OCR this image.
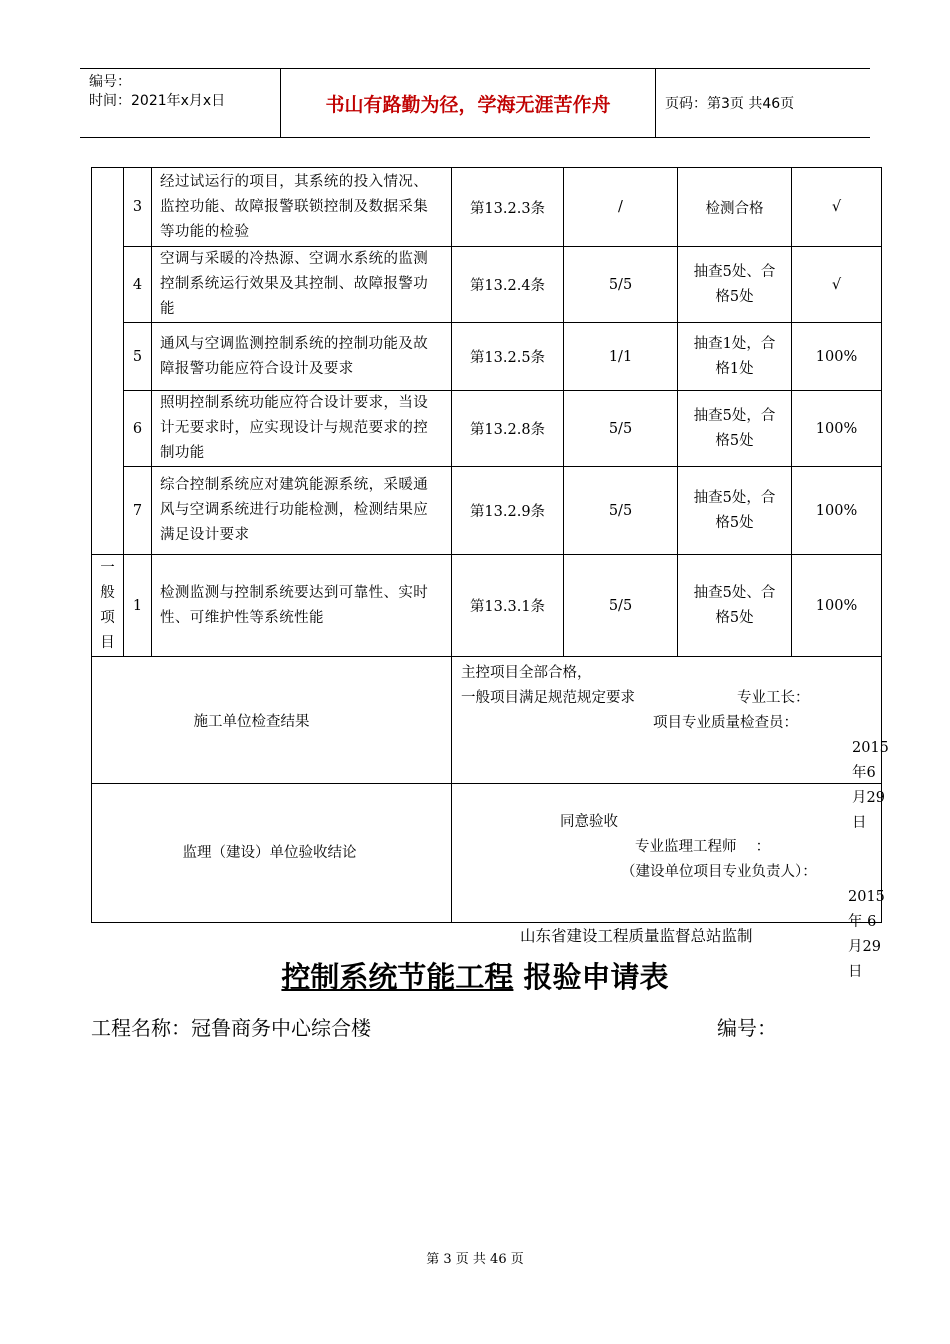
编号：
时间：2021年x月x日	书山有路勤为径，学海无涯苦作舟	页码：第3页 共46页
	3	经过试运行的项目，其系统的投入情况、监控功能、故障报警联锁控制及数据采集等功能的检验	第13.2.3条	/	检测合格	√
	4	空调与采暖的冷热源、空调水系统的监测控制系统运行效果及其控制、故障报警功能	第13.2.4条	5/5	抽查5处、合格5处	√
	5	通风与空调监测控制系统的控制功能及故障报警功能应符合设计及要求	第13.2.5条	1/1	抽查1处，合格1处	100%
	6	照明控制系统功能应符合设计要求，当设计无要求时，应实现设计与规范要求的控制功能	第13.2.8条	5/5	抽查5处，合格5处	100%
	7	综合控制系统应对建筑能源系统，采暖通风与空调系统进行功能检测，检测结果应满足设计要求	第13.2.9条	5/5	抽查5处，合格5处	100%
一般项目	1	检测监测与控制系统要达到可靠性、实时性、可维护性等系统性能	第13.3.1条	5/5	抽查5处、合格5处	100%
施工单位检查结果			主控项目全部合格，
一般项目满足规范规定要求 专业工长：
项目专业质量检查员：
2015年6月29日			

监理（建设）单位验收结论			同意验收
专业监理工程师　 ：
（建设单位项目专业负责人）：
2015年 6月29日			
山东省建设工程质量监督总站监制
控制系统节能工程 报验申请表
工程名称：冠鲁商务中心综合楼	编号：
第 3 页 共 46 页
